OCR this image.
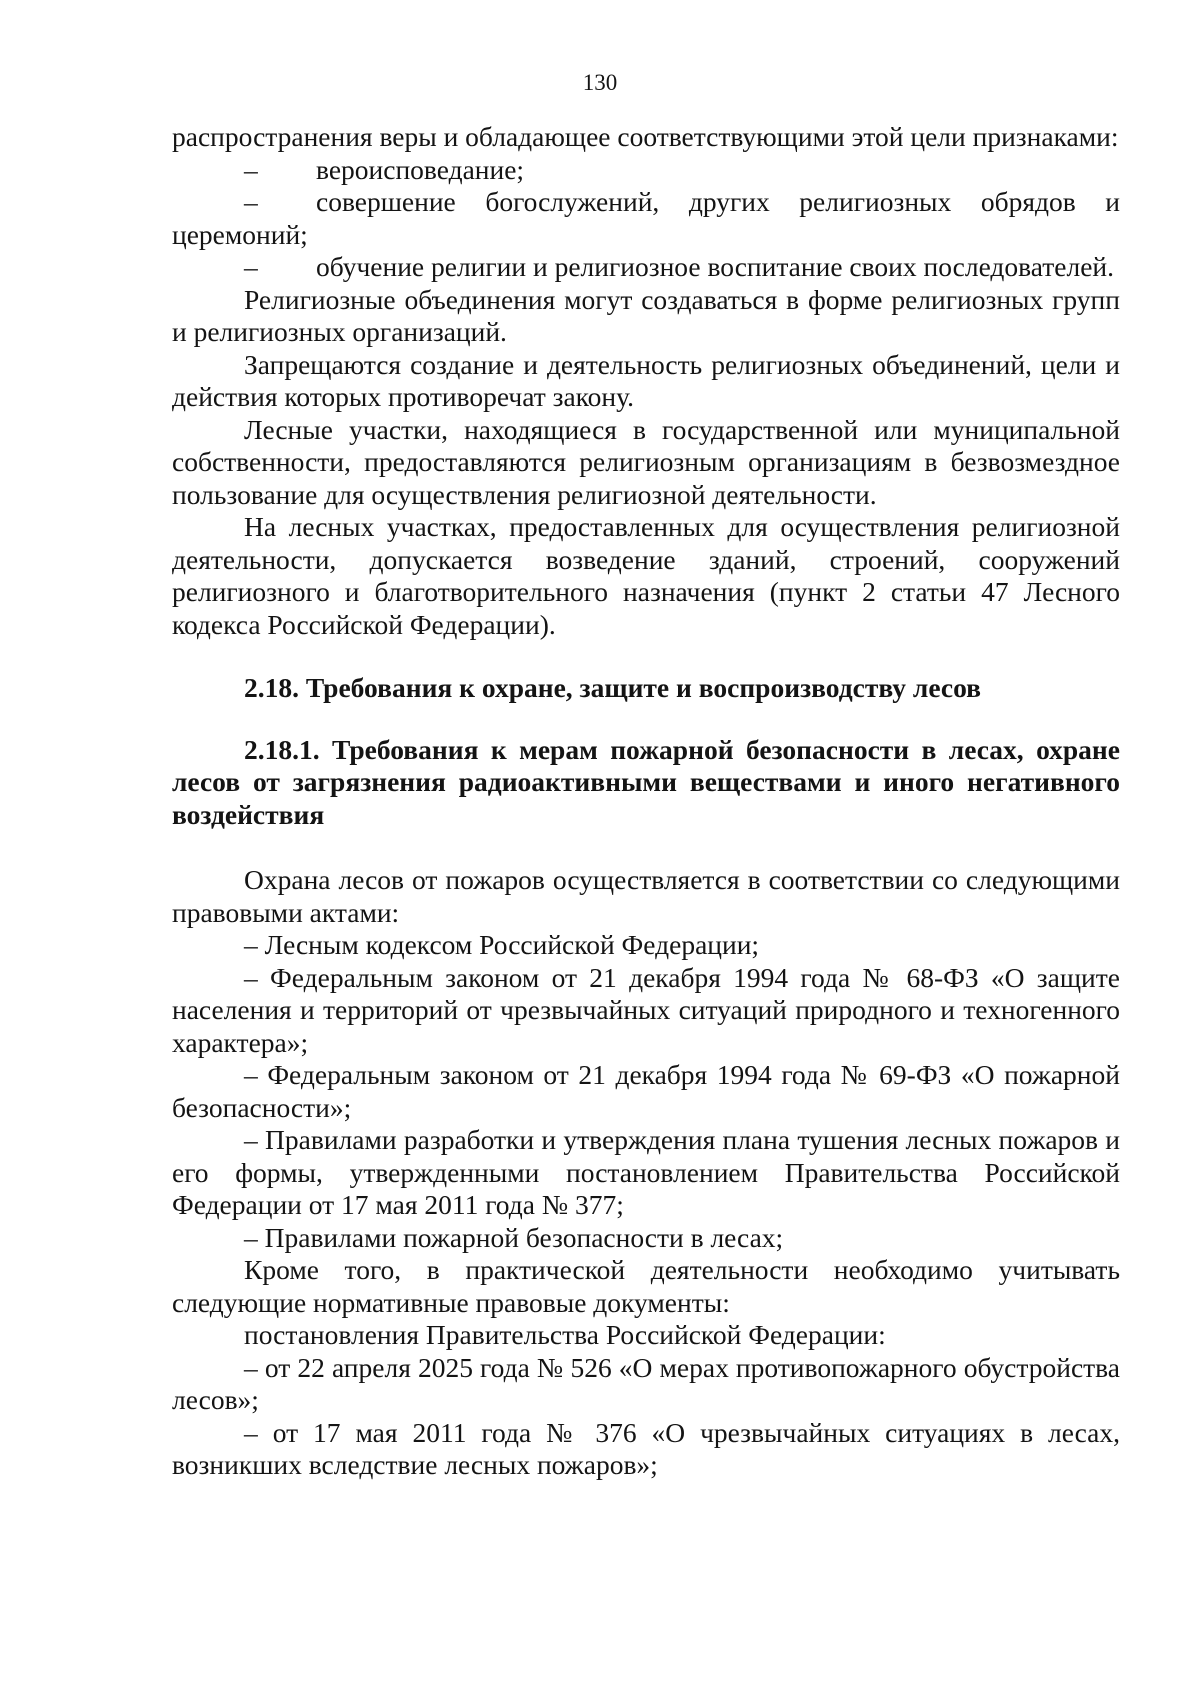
130

распространения веры и обладающее соответствующими этой цели признаками:

– вероисповедание;

– совершение богослужений, других религиозных обрядов и церемоний;

– обучение религии и религиозное воспитание своих последователей.

Религиозные объединения могут создаваться в форме религиозных групп и религиозных организаций.

Запрещаются создание и деятельность религиозных объединений, цели и действия которых противоречат закону.

Лесные участки, находящиеся в государственной или муниципальной собственности, предоставляются религиозным организациям в безвозмездное пользование для осуществления религиозной деятельности.

На лесных участках, предоставленных для осуществления религиозной деятельности, допускается возведение зданий, строений, сооружений религиозного и благотворительного назначения (пункт 2 статьи 47 Лесного кодекса Российской Федерации).

2.18. Требования к охране, защите и воспроизводству лесов

2.18.1. Требования к мерам пожарной безопасности в лесах, охране лесов от загрязнения радиоактивными веществами и иного негативного воздействия

Охрана лесов от пожаров осуществляется в соответствии со следующими правовыми актами:

– Лесным кодексом Российской Федерации;

– Федеральным законом от 21 декабря 1994 года № 68-ФЗ «О защите населения и территорий от чрезвычайных ситуаций природного и техногенного характера»;

– Федеральным законом от 21 декабря 1994 года № 69-ФЗ «О пожарной безопасности»;

– Правилами разработки и утверждения плана тушения лесных пожаров и его формы, утвержденными постановлением Правительства Российской Федерации от 17 мая 2011 года № 377;

– Правилами пожарной безопасности в лесах;

Кроме того, в практической деятельности необходимо учитывать следующие нормативные правовые документы:

постановления Правительства Российской Федерации:

– от 22 апреля 2025 года № 526 «О мерах противопожарного обустройства лесов»;

– от 17 мая 2011 года № 376 «О чрезвычайных ситуациях в лесах, возникших вследствие лесных пожаров»;
